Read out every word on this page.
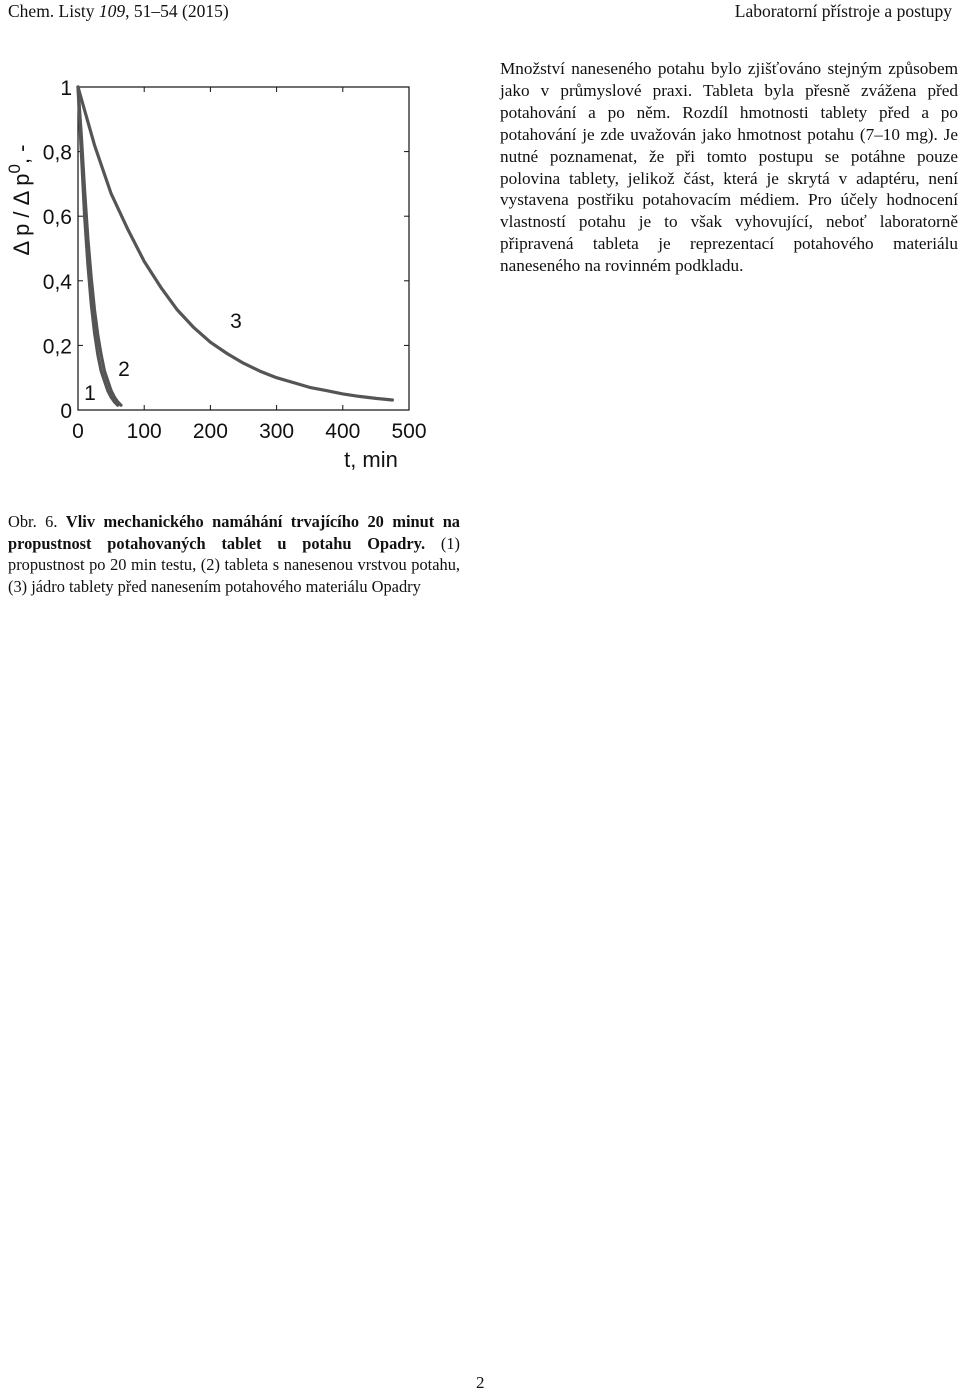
Chem. Listy 109, 51–54 (2015)	Laboratorní přístroje a postupy
0
0,2
0,4
0,6
0,8
1
0 100 200 300 400 500
Δ p / Δ $p^0$, -
t, min
1
2
3
Množství naneseného potahu bylo zjišťováno stejným způsobem jako v průmyslové praxi. Tableta byla přesně zvážena před potahování a po něm. Rozdíl hmotnosti tablety před a po potahování je zde uvažován jako hmotnost potahu (7–10 mg). Je nutné poznamenat, že při tomto postupu se potáhne pouze polovina tablety, jelikož část, která je skrytá v adaptéru, není vystavena postřiku potahovacím médiem. Pro účely hodnocení vlastností potahu je to však vyhovující, neboť laboratorně připravená tableta je reprezentací potahového materiálu naneseného na rovinném podkladu.
Obr. 6. Vliv mechanického namáhání trvajícího 20 minut na propustnost potahovaných tablet u potahu Opadry. (1) propustnost po 20 min testu, (2) tableta s nanesenou vrstvou potahu, (3) jádro tablety před nanesením potahového materiálu Opadry
2
